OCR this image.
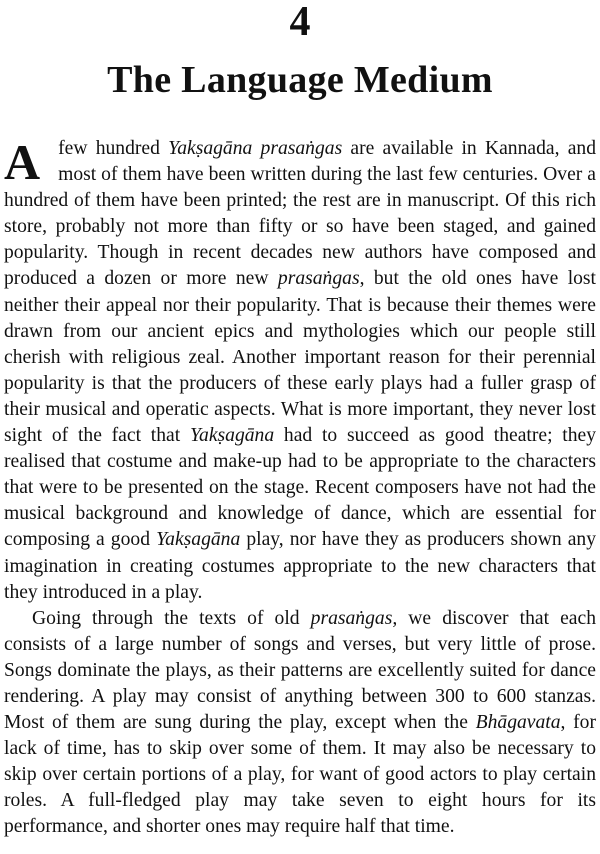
4
The Language Medium

A few hundred Yakṣagāna prasaṅgas are available in Kannada, and most of them have been written during the last few centuries. Over a hundred of them have been printed; the rest are in manuscript. Of this rich store, probably not more than fifty or so have been staged, and gained popularity. Though in recent decades new authors have composed and produced a dozen or more new prasaṅgas, but the old ones have lost neither their appeal nor their popularity. That is because their themes were drawn from our ancient epics and mythologies which our people still cherish with religious zeal. Another important reason for their perennial popularity is that the producers of these early plays had a fuller grasp of their musical and operatic aspects. What is more important, they never lost sight of the fact that Yakṣagāna had to succeed as good theatre; they realised that costume and make-up had to be appropriate to the characters that were to be presented on the stage. Recent composers have not had the musical background and knowledge of dance, which are essential for composing a good Yakṣagāna play, nor have they as producers shown any imagination in creating costumes appropriate to the new characters that they introduced in a play.

Going through the texts of old prasaṅgas, we discover that each consists of a large number of songs and verses, but very little of prose. Songs dominate the plays, as their patterns are excellently suited for dance rendering. A play may consist of anything between 300 to 600 stanzas. Most of them are sung during the play, except when the Bhāgavata, for lack of time, has to skip over some of them. It may also be necessary to skip over certain portions of a play, for want of good actors to play certain roles. A full-fledged play may take seven to eight hours for its performance, and shorter ones may require half that time.
